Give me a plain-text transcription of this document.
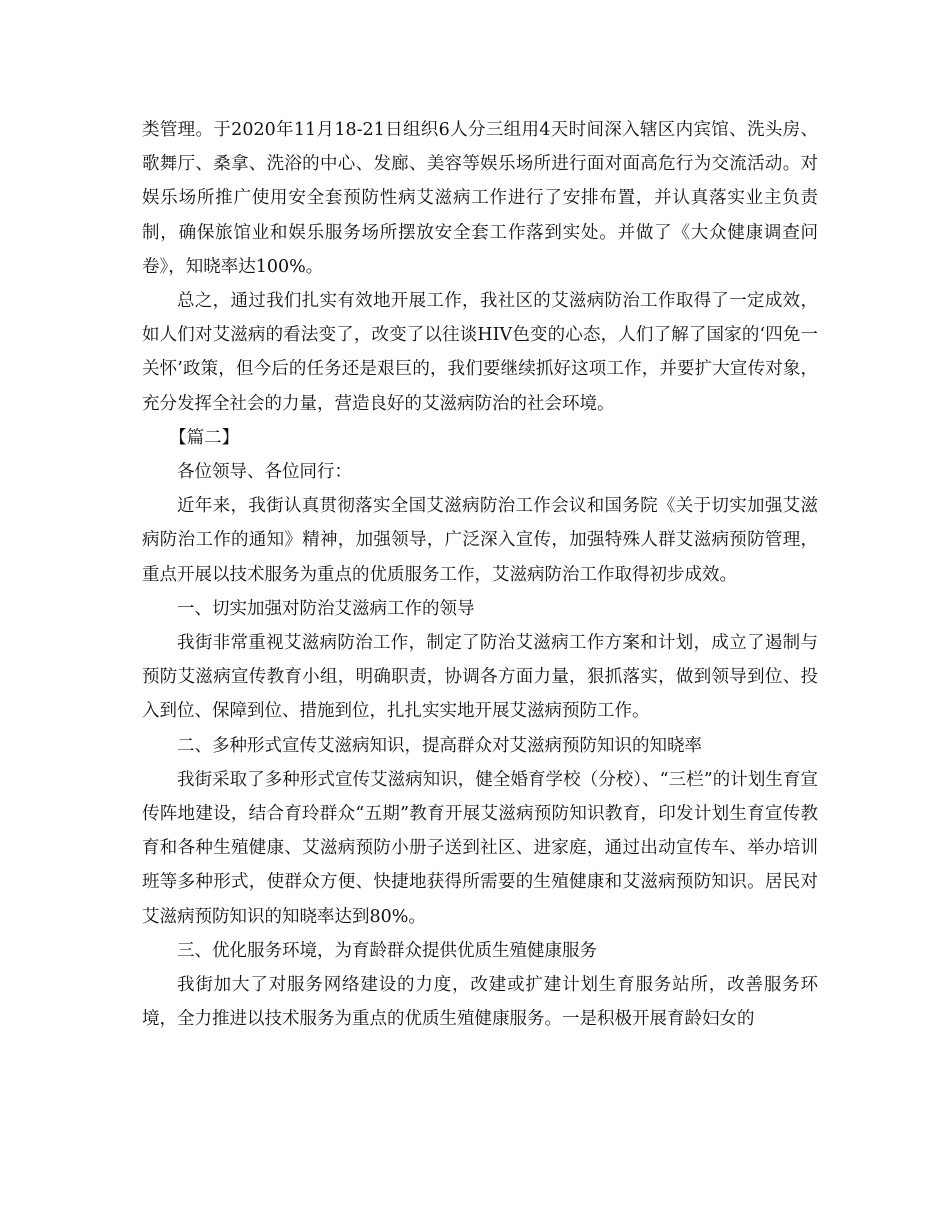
类管理。于2020年11月18-21日组织6人分三组用4天时间深入辖区内宾馆、洗头房、歌舞厅、桑拿、洗浴的中心、发廊、美容等娱乐场所进行面对面高危行为交流活动。对娱乐场所推广使用安全套预防性病艾滋病工作进行了安排布置，并认真落实业主负责制，确保旅馆业和娱乐服务场所摆放安全套工作落到实处。并做了《大众健康调查问卷》，知晓率达100%。

总之，通过我们扎实有效地开展工作，我社区的艾滋病防治工作取得了一定成效，如人们对艾滋病的看法变了，改变了以往谈HIV色变的心态，人们了解了国家的‘四免一关怀’政策，但今后的任务还是艰巨的，我们要继续抓好这项工作，并要扩大宣传对象，充分发挥全社会的力量，营造良好的艾滋病防治的社会环境。

【篇二】

各位领导、各位同行：

近年来，我街认真贯彻落实全国艾滋病防治工作会议和国务院《关于切实加强艾滋病防治工作的通知》精神，加强领导，广泛深入宣传，加强特殊人群艾滋病预防管理，重点开展以技术服务为重点的优质服务工作，艾滋病防治工作取得初步成效。

一、切实加强对防治艾滋病工作的领导

我街非常重视艾滋病防治工作，制定了防治艾滋病工作方案和计划，成立了遏制与预防艾滋病宣传教育小组，明确职责，协调各方面力量，狠抓落实，做到领导到位、投入到位、保障到位、措施到位，扎扎实实地开展艾滋病预防工作。

二、多种形式宣传艾滋病知识，提高群众对艾滋病预防知识的知晓率

我街采取了多种形式宣传艾滋病知识，健全婚育学校（分校）、“三栏”的计划生育宣传阵地建设，结合育玲群众“五期”教育开展艾滋病预防知识教育，印发计划生育宣传教育和各种生殖健康、艾滋病预防小册子送到社区、进家庭，通过出动宣传车、举办培训班等多种形式，使群众方便、快捷地获得所需要的生殖健康和艾滋病预防知识。居民对艾滋病预防知识的知晓率达到80%。

三、优化服务环境，为育龄群众提供优质生殖健康服务

我街加大了对服务网络建设的力度，改建或扩建计划生育服务站所，改善服务环境，全力推进以技术服务为重点的优质生殖健康服务。一是积极开展育龄妇女的
